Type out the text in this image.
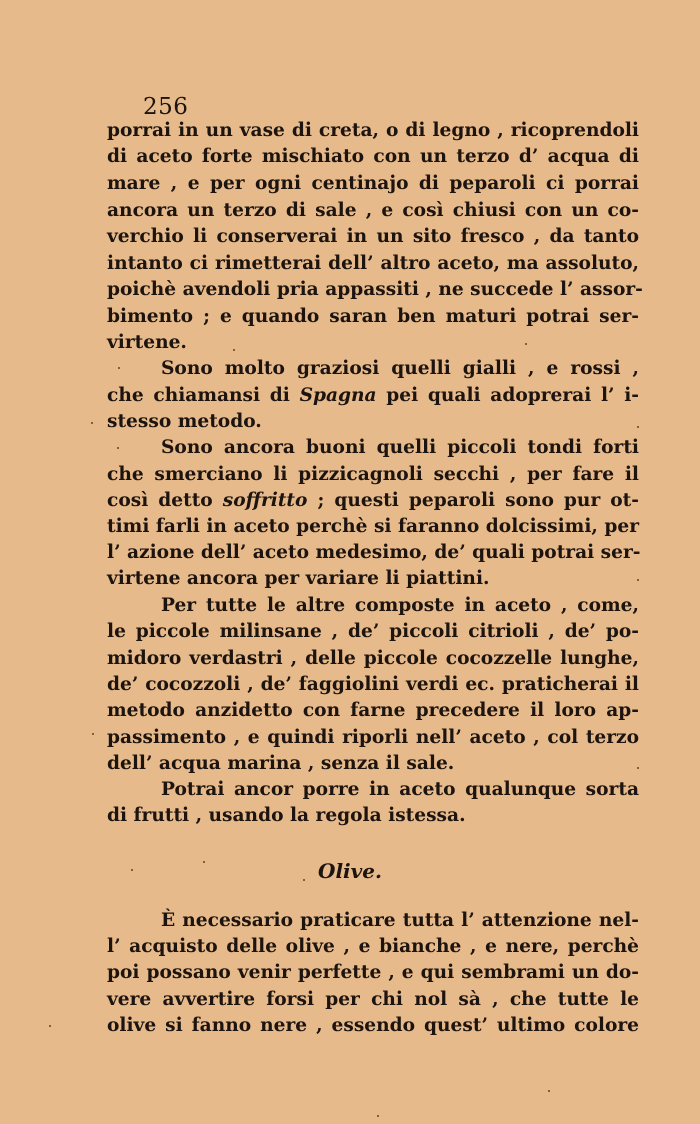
256
porrai in un vase di creta, o di legno , ricoprendoli
di aceto forte mischiato con un terzo d’ acqua di
mare , e per ogni centinajo di peparoli ci porrai
ancora un terzo di sale , e così chiusi con un co-
verchio li conserverai in un sito fresco , da tanto
intanto ci rimetterai dell’ altro aceto, ma assoluto,
poichè avendoli pria appassiti , ne succede l’ assor-
bimento ; e quando saran ben maturi potrai ser-
virtene.
Sono molto graziosi quelli gialli , e rossi ,
che chiamansi di Spagna pei quali adoprerai l’ i-
stesso metodo.
Sono ancora buoni quelli piccoli tondi forti
che smerciano li pizzicagnoli secchi , per fare il
così detto soffritto ; questi peparoli sono pur ot-
timi farli in aceto perchè si faranno dolcissimi, per
l’ azione dell’ aceto medesimo, de’ quali potrai ser-
virtene ancora per variare li piattini.
Per tutte le altre composte in aceto , come,
le piccole milinsane , de’ piccoli citrioli , de’ po-
midoro verdastri , delle piccole cocozzelle lunghe,
de’ cocozzoli , de’ faggiolini verdi ec. praticherai il
metodo anzidetto con farne precedere il loro ap-
passimento , e quindi riporli nell’ aceto , col terzo
dell’ acqua marina , senza il sale.
Potrai ancor porre in aceto qualunque sorta
di frutti , usando la regola istessa.
Olive.
È necessario praticare tutta l’ attenzione nel-
l’ acquisto delle olive , e bianche , e nere, perchè
poi possano venir perfette , e qui sembrami un do-
vere avvertire forsi per chi nol sà , che tutte le
olive si fanno nere , essendo quest’ ultimo colore
